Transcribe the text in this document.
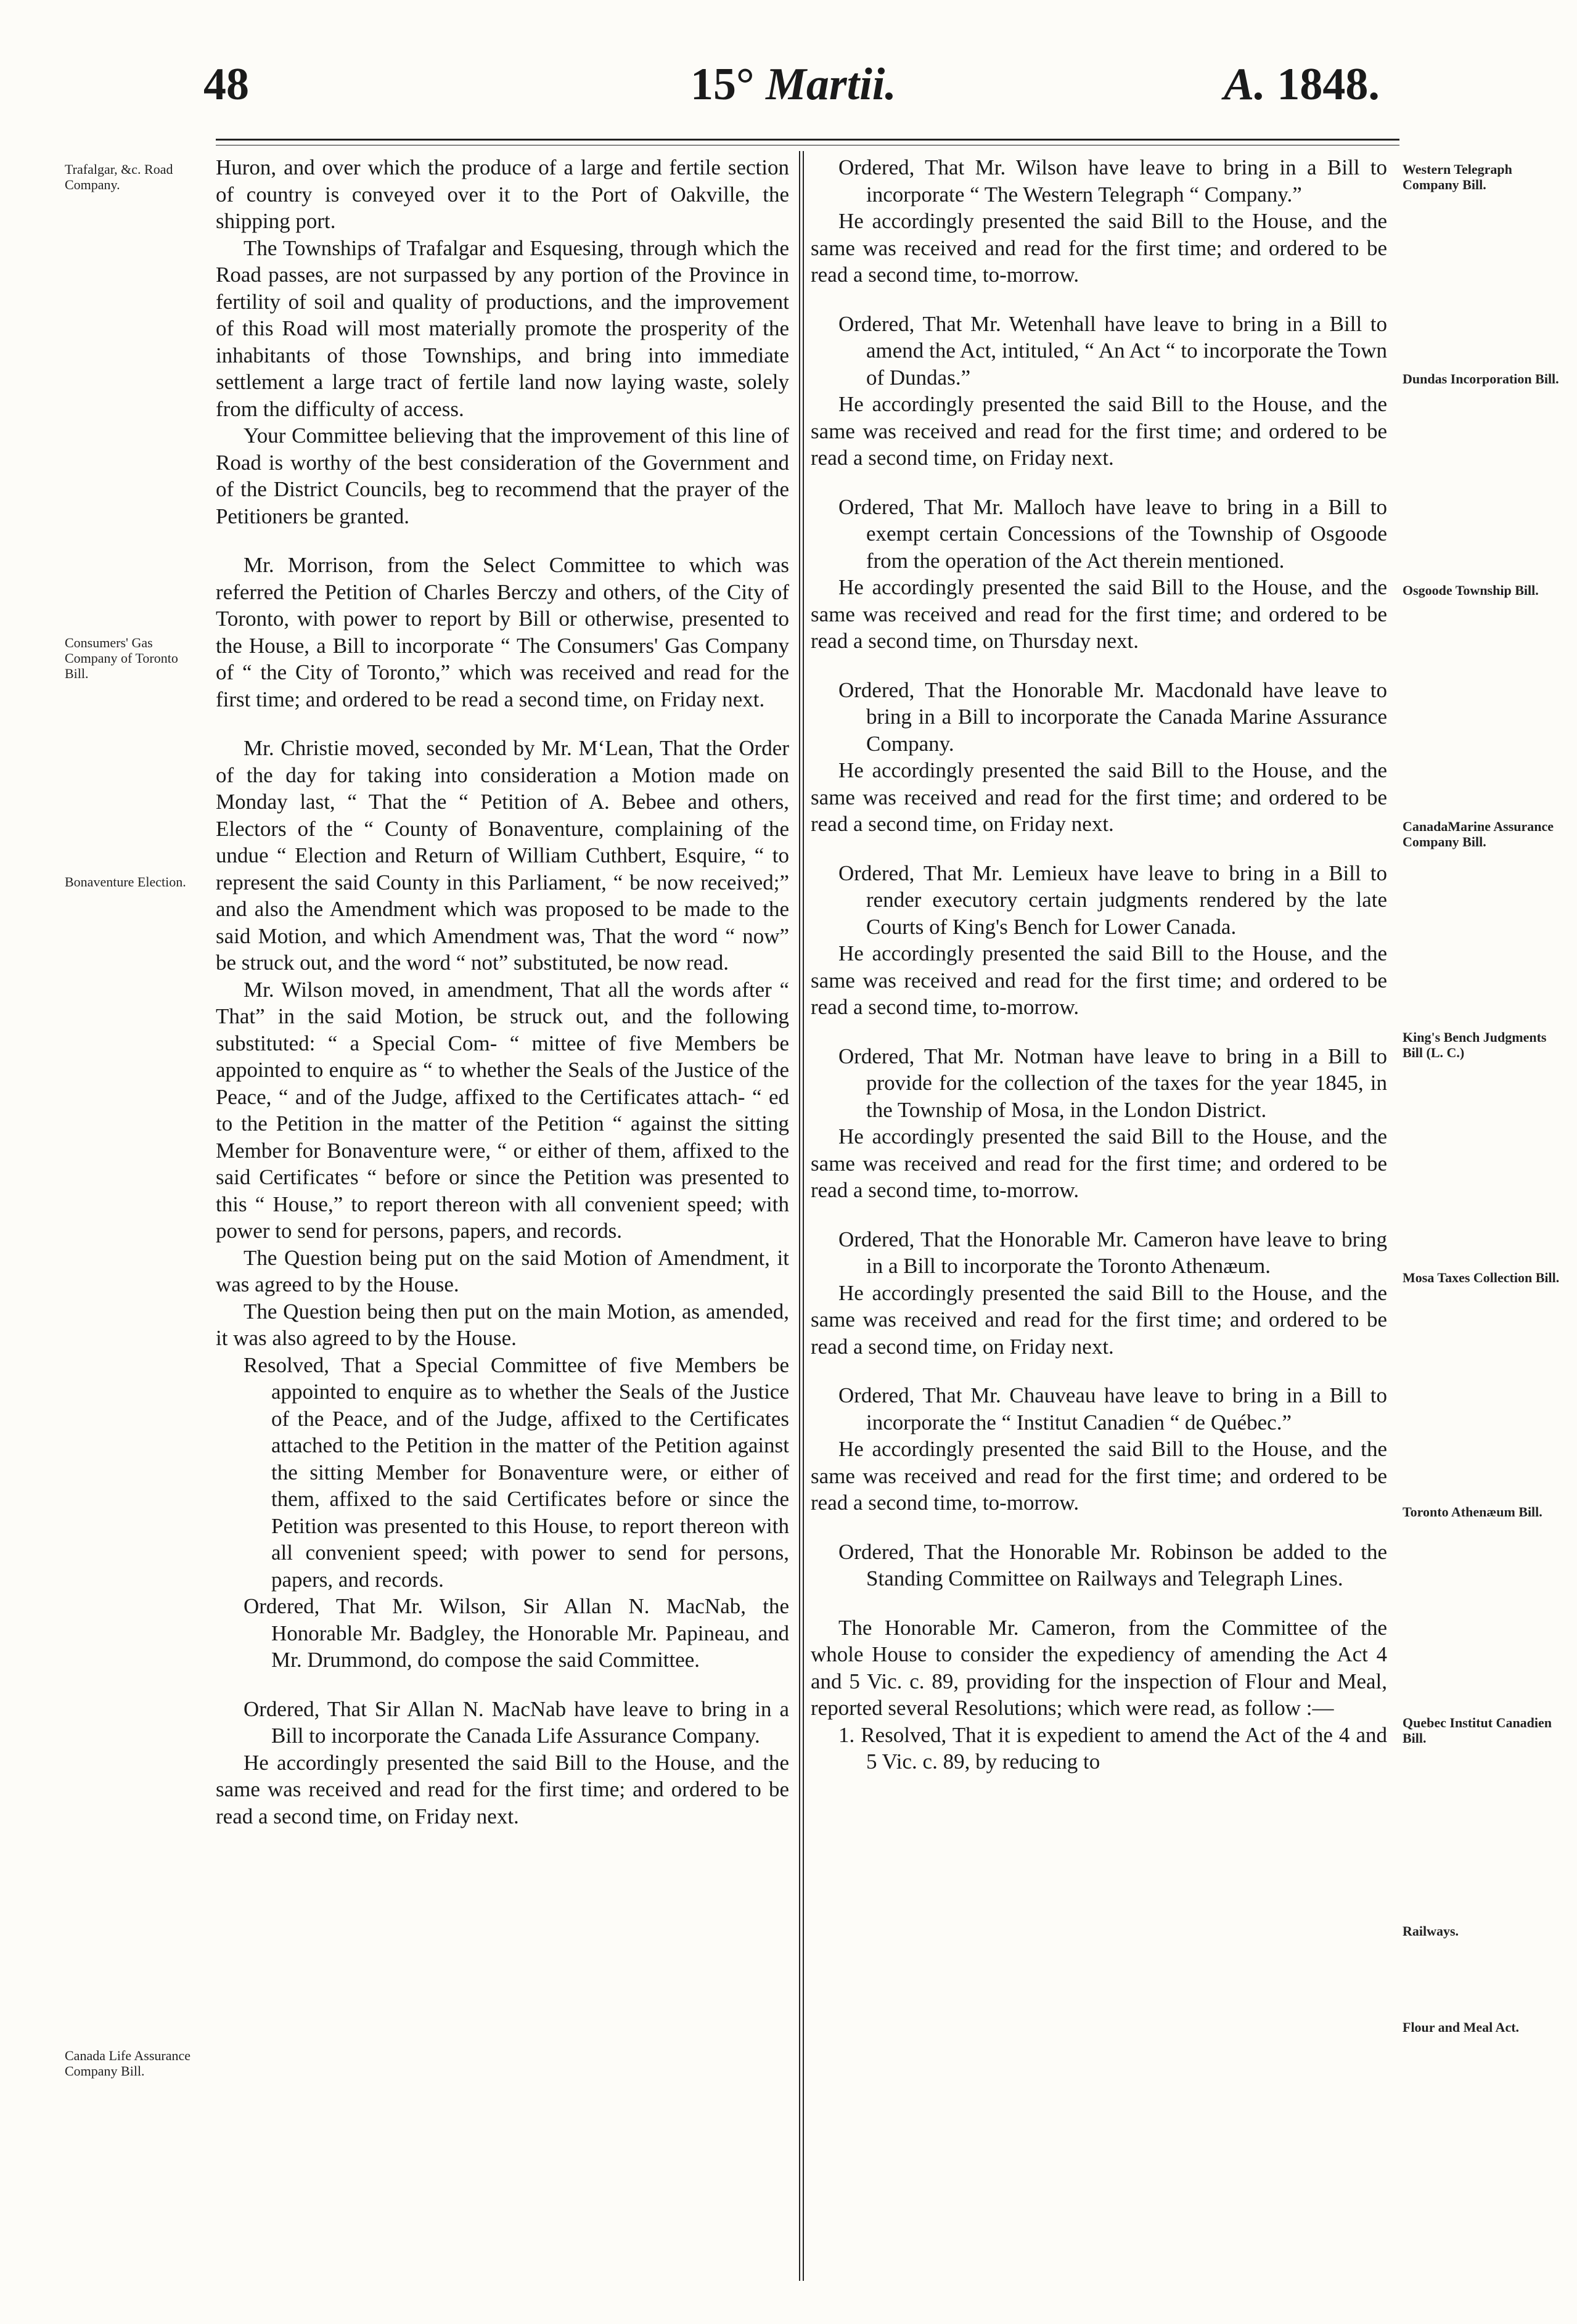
48	15° Martii.	A. 1848.
Trafalgar, &c. Road Company.
Consumers' Gas Company of Toronto Bill.
Bonaventure Election.
Canada Life Assurance Company Bill.
Western Telegraph Company Bill.
Dundas Incorporation Bill.
Osgoode Township Bill.
CanadaMarine Assurance Company Bill.
King's Bench Judgments Bill (L. C.)
Mosa Taxes Collection Bill.
Toronto Athenæum Bill.
Quebec Institut Canadien Bill.
Railways.
Flour and Meal Act.

Huron, and over which the produce of a large and fertile section of country is conveyed over it to the Port of Oakville, the shipping port.

The Townships of Trafalgar and Esquesing, through which the Road passes, are not surpassed by any portion of the Province in fertility of soil and quality of productions, and the improvement of this Road will most materially promote the prosperity of the inhabitants of those Townships, and bring into immediate settlement a large tract of fertile land now laying waste, solely from the difficulty of access.

Your Committee believing that the improvement of this line of Road is worthy of the best consideration of the Government and of the District Councils, beg to recommend that the prayer of the Petitioners be granted.

Mr. Morrison, from the Select Committee to which was referred the Petition of Charles Berczy and others, of the City of Toronto, with power to report by Bill or otherwise, presented to the House, a Bill to incorporate “ The Consumers' Gas Company of “ the City of Toronto,” which was received and read for the first time; and ordered to be read a second time, on Friday next.

Mr. Christie moved, seconded by Mr. M‘Lean, That the Order of the day for taking into consideration a Motion made on Monday last, “ That the “ Petition of A. Bebee and others, Electors of the “ County of Bonaventure, complaining of the undue “ Election and Return of William Cuthbert, Esquire, “ to represent the said County in this Parliament, “ be now received;” and also the Amendment which was proposed to be made to the said Motion, and which Amendment was, That the word “ now” be struck out, and the word “ not” substituted, be now read.

Mr. Wilson moved, in amendment, That all the words after “ That” in the said Motion, be struck out, and the following substituted: “ a Special Com- “ mittee of five Members be appointed to enquire as “ to whether the Seals of the Justice of the Peace, “ and of the Judge, affixed to the Certificates attach- “ ed to the Petition in the matter of the Petition “ against the sitting Member for Bonaventure were, “ or either of them, affixed to the said Certificates “ before or since the Petition was presented to this “ House,” to report thereon with all convenient speed; with power to send for persons, papers, and records.

The Question being put on the said Motion of Amendment, it was agreed to by the House.

The Question being then put on the main Motion, as amended, it was also agreed to by the House.

Resolved, That a Special Committee of five Members be appointed to enquire as to whether the Seals of the Justice of the Peace, and of the Judge, affixed to the Certificates attached to the Petition in the matter of the Petition against the sitting Member for Bonaventure were, or either of them, affixed to the said Certificates before or since the Petition was presented to this House, to report thereon with all convenient speed; with power to send for persons, papers, and records.

Ordered, That Mr. Wilson, Sir Allan N. MacNab, the Honorable Mr. Badgley, the Honorable Mr. Papineau, and Mr. Drummond, do compose the said Committee.

Ordered, That Sir Allan N. MacNab have leave to bring in a Bill to incorporate the Canada Life Assurance Company.

He accordingly presented the said Bill to the House, and the same was received and read for the first time; and ordered to be read a second time, on Friday next.

Ordered, That Mr. Wilson have leave to bring in a Bill to incorporate “ The Western Telegraph “ Company.”

He accordingly presented the said Bill to the House, and the same was received and read for the first time; and ordered to be read a second time, to-morrow.

Ordered, That Mr. Wetenhall have leave to bring in a Bill to amend the Act, intituled, “ An Act “ to incorporate the Town of Dundas.”

He accordingly presented the said Bill to the House, and the same was received and read for the first time; and ordered to be read a second time, on Friday next.

Ordered, That Mr. Malloch have leave to bring in a Bill to exempt certain Concessions of the Township of Osgoode from the operation of the Act therein mentioned.

He accordingly presented the said Bill to the House, and the same was received and read for the first time; and ordered to be read a second time, on Thursday next.

Ordered, That the Honorable Mr. Macdonald have leave to bring in a Bill to incorporate the Canada Marine Assurance Company.

He accordingly presented the said Bill to the House, and the same was received and read for the first time; and ordered to be read a second time, on Friday next.

Ordered, That Mr. Lemieux have leave to bring in a Bill to render executory certain judgments rendered by the late Courts of King's Bench for Lower Canada.

He accordingly presented the said Bill to the House, and the same was received and read for the first time; and ordered to be read a second time, to-morrow.

Ordered, That Mr. Notman have leave to bring in a Bill to provide for the collection of the taxes for the year 1845, in the Township of Mosa, in the London District.

He accordingly presented the said Bill to the House, and the same was received and read for the first time; and ordered to be read a second time, to-morrow.

Ordered, That the Honorable Mr. Cameron have leave to bring in a Bill to incorporate the Toronto Athenæum.

He accordingly presented the said Bill to the House, and the same was received and read for the first time; and ordered to be read a second time, on Friday next.

Ordered, That Mr. Chauveau have leave to bring in a Bill to incorporate the “ Institut Canadien “ de Québec.”

He accordingly presented the said Bill to the House, and the same was received and read for the first time; and ordered to be read a second time, to-morrow.

Ordered, That the Honorable Mr. Robinson be added to the Standing Committee on Railways and Telegraph Lines.

The Honorable Mr. Cameron, from the Committee of the whole House to consider the expediency of amending the Act 4 and 5 Vic. c. 89, providing for the inspection of Flour and Meal, reported several Resolutions; which were read, as follow :—

1. Resolved, That it is expedient to amend the Act of the 4 and 5 Vic. c. 89, by reducing to
